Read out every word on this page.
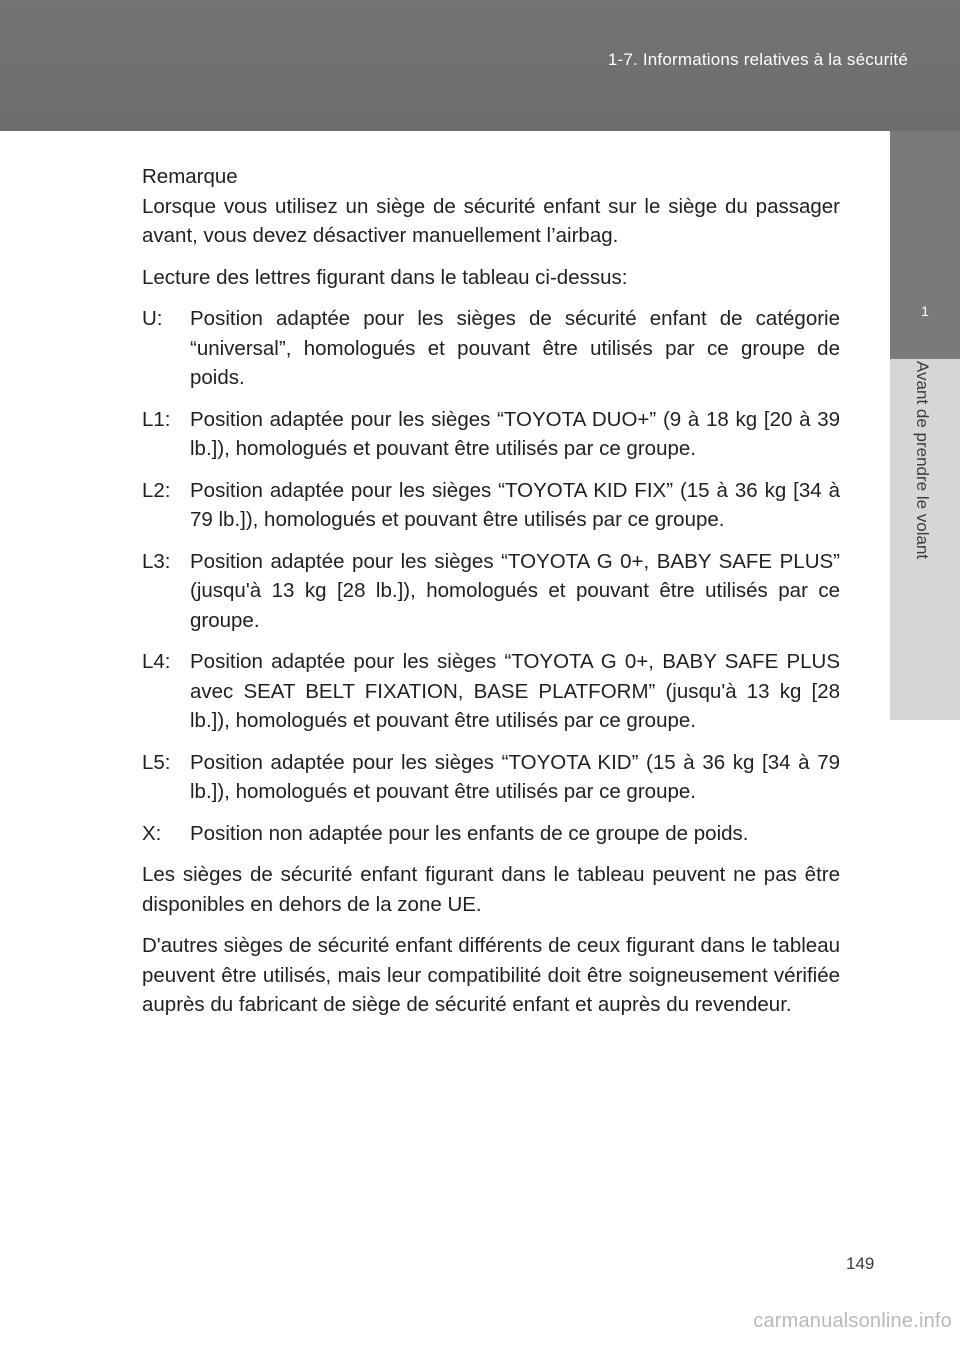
1-7. Informations relatives à la sécurité
1
Avant de prendre le volant

Remarque

Lorsque vous utilisez un siège de sécurité enfant sur le siège du passager avant, vous devez désactiver manuellement l’airbag.

Lecture des lettres figurant dans le tableau ci-dessus:

U: Position adaptée pour les sièges de sécurité enfant de catégorie “universal”, homologués et pouvant être utilisés par ce groupe de poids.
L1: Position adaptée pour les sièges “TOYOTA DUO+” (9 à 18 kg [20 à 39 lb.]), homologués et pouvant être utilisés par ce groupe.
L2: Position adaptée pour les sièges “TOYOTA KID FIX” (15 à 36 kg [34 à 79 lb.]), homologués et pouvant être utilisés par ce groupe.
L3: Position adaptée pour les sièges “TOYOTA G 0+, BABY SAFE PLUS” (jusqu'à 13 kg [28 lb.]), homologués et pouvant être utilisés par ce groupe.
L4: Position adaptée pour les sièges “TOYOTA G 0+, BABY SAFE PLUS avec SEAT BELT FIXATION, BASE PLATFORM” (jusqu'à 13 kg [28 lb.]), homologués et pouvant être utilisés par ce groupe.
L5: Position adaptée pour les sièges “TOYOTA KID” (15 à 36 kg [34 à 79 lb.]), homologués et pouvant être utilisés par ce groupe.
X: Position non adaptée pour les enfants de ce groupe de poids.

Les sièges de sécurité enfant figurant dans le tableau peuvent ne pas être disponibles en dehors de la zone UE.

D'autres sièges de sécurité enfant différents de ceux figurant dans le tableau peuvent être utilisés, mais leur compatibilité doit être soigneusement vérifiée auprès du fabricant de siège de sécurité enfant et auprès du revendeur.

149
carmanualsonline.info
